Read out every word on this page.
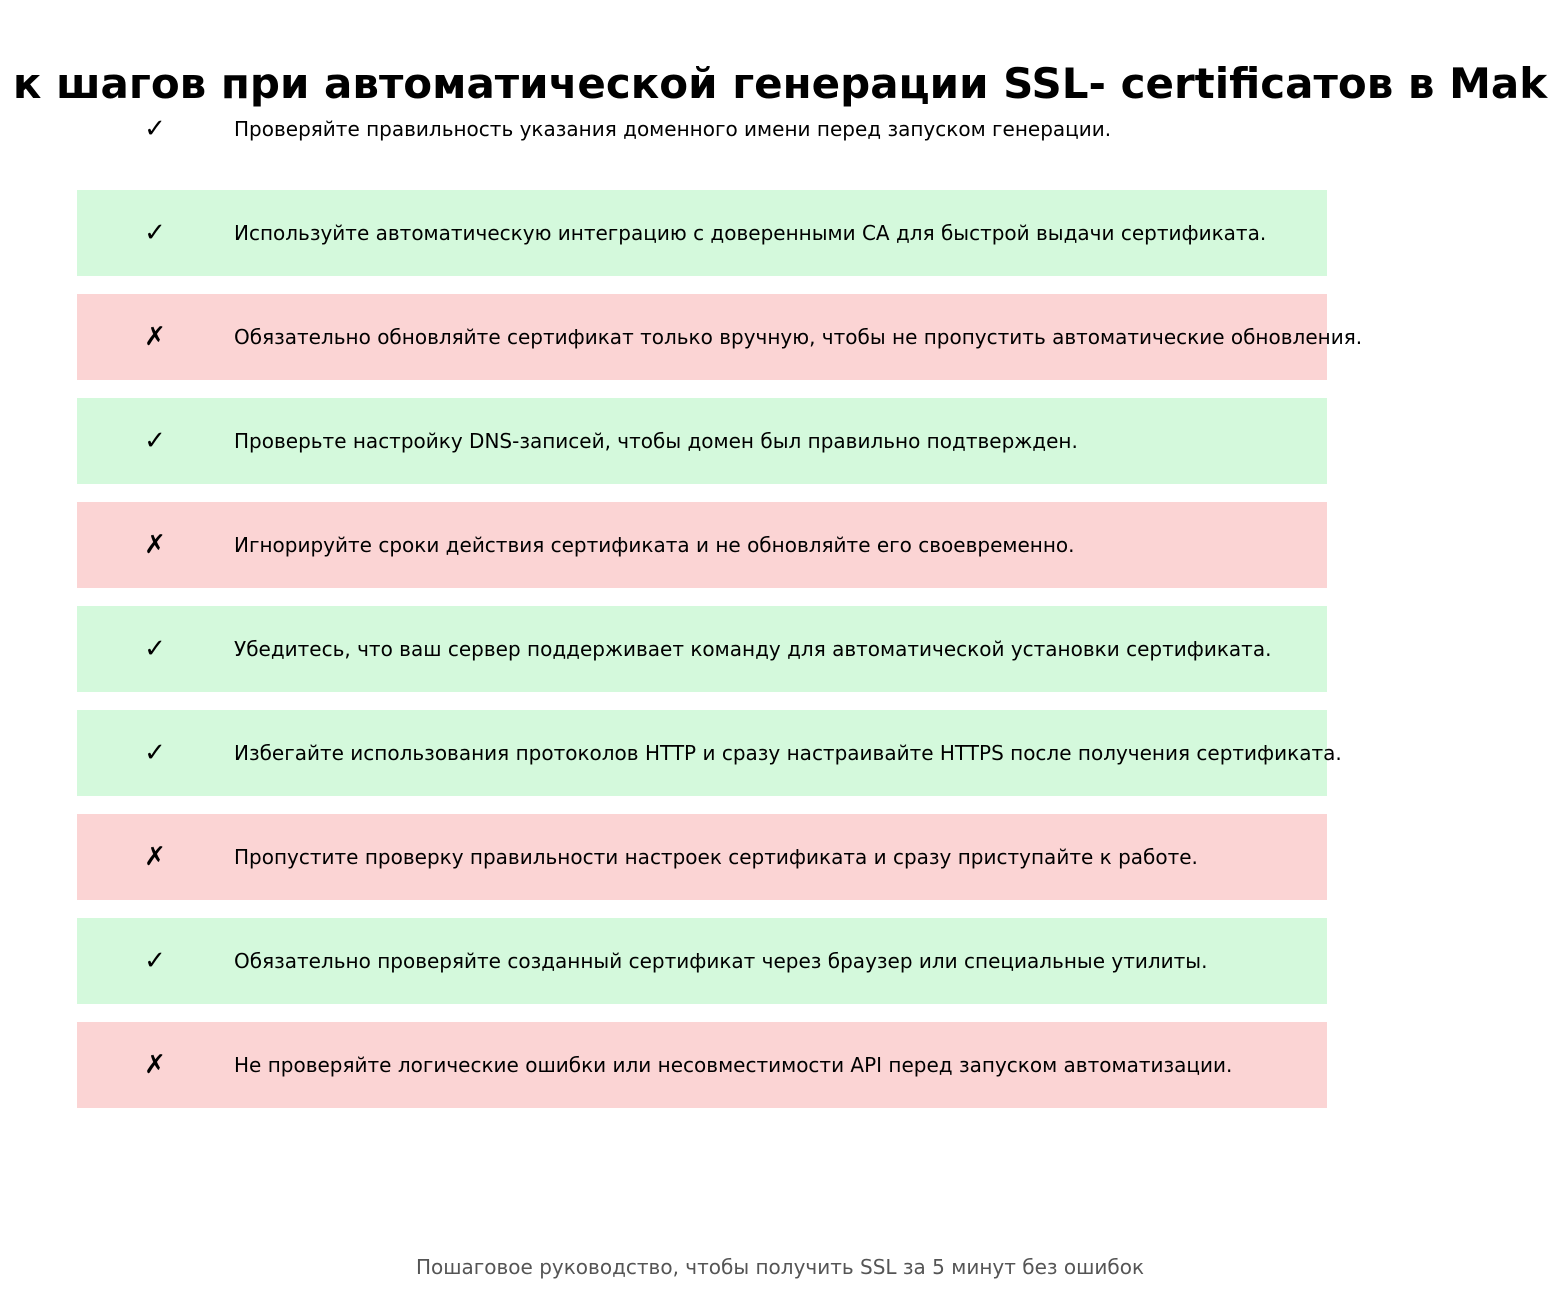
к шагов при автоматической генерации SSL- certificатов в Mak
✓	Проверяйте правильность указания доменного имени перед запуском генерации.
✓	Используйте автоматическую интеграцию с доверенными CA для быстрой выдачи сертификата.
✗	Обязательно обновляйте сертификат только вручную, чтобы не пропустить автоматические обновления.
✓	Проверьте настройку DNS-записей, чтобы домен был правильно подтвержден.
✗	Игнорируйте сроки действия сертификата и не обновляйте его своевременно.
✓	Убедитесь, что ваш сервер поддерживает команду для автоматической установки сертификата.
✓	Избегайте использования протоколов HTTP и сразу настраивайте HTTPS после получения сертификата.
✗	Пропустите проверку правильности настроек сертификата и сразу приступайте к работе.
✓	Обязательно проверяйте созданный сертификат через браузер или специальные утилиты.
✗	Не проверяйте логические ошибки или несовместимости API перед запуском автоматизации.
Пошаговое руководство, чтобы получить SSL за 5 минут без ошибок
